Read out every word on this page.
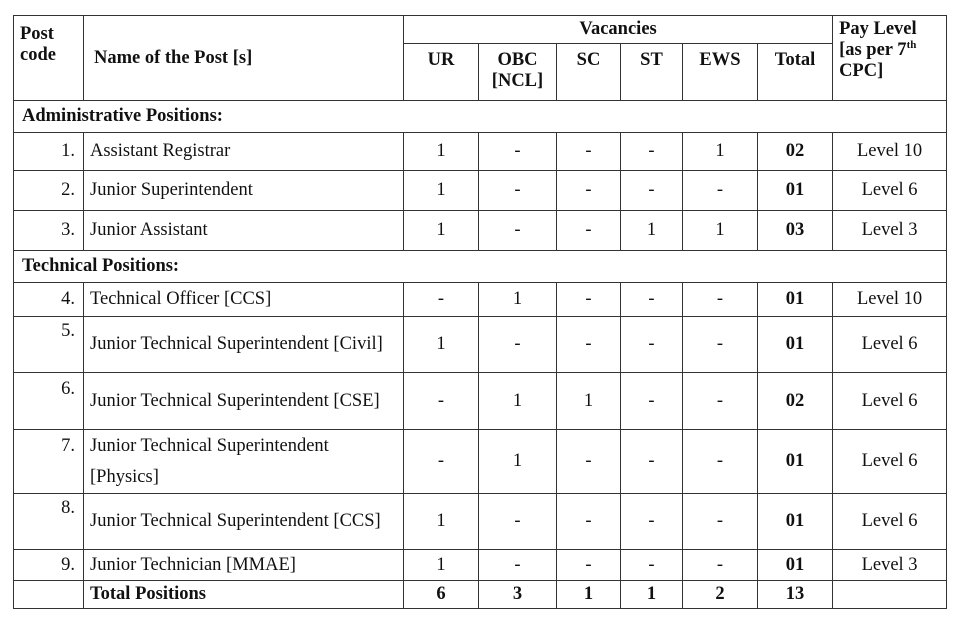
Post code	Name of the Post [s]	Vacancies						Pay Level [as per 7th CPC]
		UR	OBC [NCL]	SC	ST	EWS	Total	
Administrative Positions:								
1.	Assistant Registrar	1	-	-	-	1	02	Level 10
2.	Junior Superintendent	1	-	-	-	-	01	Level 6
3.	Junior Assistant	1	-	-	1	1	03	Level 3
Technical Positions:								
4.	Technical Officer [CCS]	-	1	-	-	-	01	Level 10
5.	Junior Technical Superintendent [Civil]	1	-	-	-	-	01	Level 6
6.	Junior Technical Superintendent [CSE]	-	1	1	-	-	02	Level 6
7.	Junior Technical Superintendent [Physics]	-	1	-	-	-	01	Level 6
8.	Junior Technical Superintendent [CCS]	1	-	-	-	-	01	Level 6
9.	Junior Technician [MMAE]	1	-	-	-	-	01	Level 3
	Total Positions	6	3	1	1	2	13	
